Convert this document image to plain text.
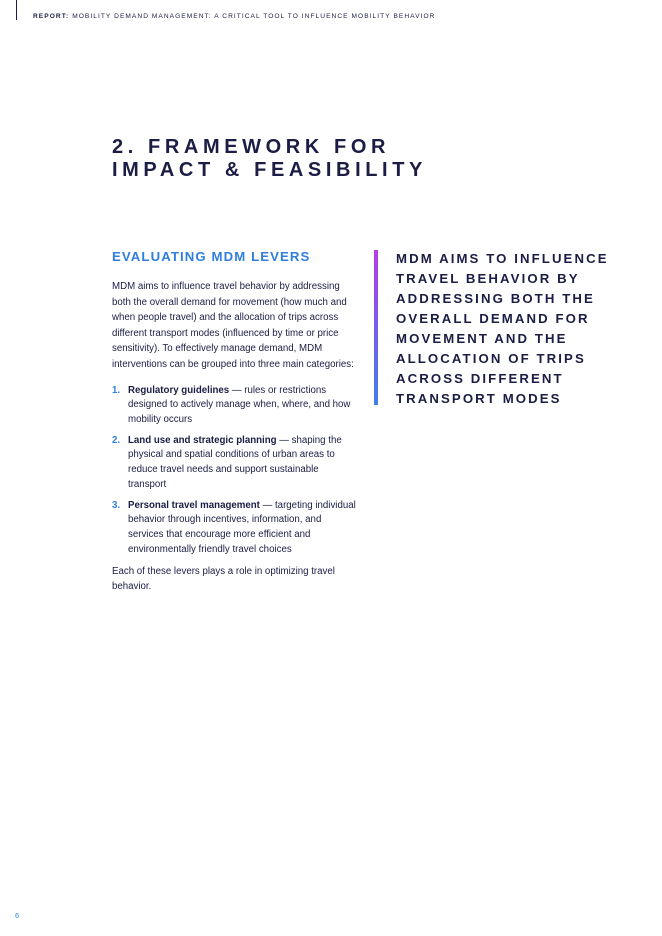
REPORT: MOBILITY DEMAND MANAGEMENT: A CRITICAL TOOL TO INFLUENCE MOBILITY BEHAVIOR
2. FRAMEWORK FOR
IMPACT & FEASIBILITY
EVALUATING MDM LEVERS

MDM aims to influence travel behavior by addressing both the overall demand for movement (how much and when people travel) and the allocation of trips across different transport modes (influenced by time or price sensitivity). To effectively manage demand, MDM interventions can be grouped into three main categories:

1. Regulatory guidelines — rules or restrictions designed to actively manage when, where, and how mobility occurs
2. Land use and strategic planning — shaping the physical and spatial conditions of urban areas to reduce travel needs and support sustainable transport
3. Personal travel management — targeting individual behavior through incentives, information, and services that encourage more efficient and environmentally friendly travel choices

Each of these levers plays a role in optimizing travel behavior.

MDM AIMS TO INFLUENCE
TRAVEL BEHAVIOR BY
ADDRESSING BOTH THE
OVERALL DEMAND FOR
MOVEMENT AND THE
ALLOCATION OF TRIPS
ACROSS DIFFERENT
TRANSPORT MODES
6
